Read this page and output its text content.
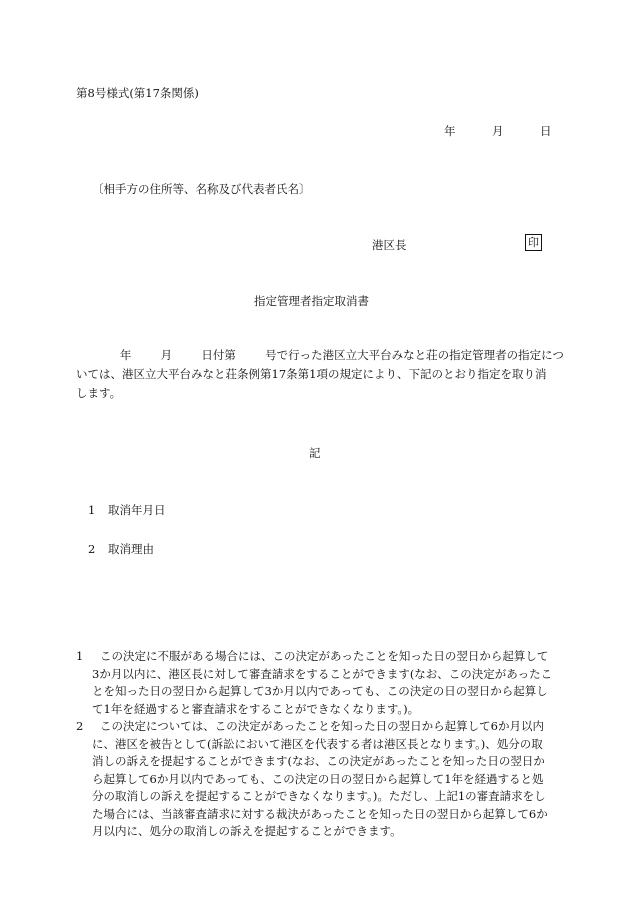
第8号様式(第17条関係)
年	月	日
〔相手方の住所等、名称及び代表者氏名〕
港区長	印
指定管理者指定取消書
年	月	日付第	号で行った港区立大平台みなと荘の指定管理者の指定につ
いては、港区立大平台みなと荘条例第17条第1項の規定により、下記のとおり指定を取り消
します。
記
1 取消年月日
2 取消理由
1	この決定に不服がある場合には、この決定があったことを知った日の翌日から起算して3か月以内に、港区長に対して審査請求をすることができます(なお、この決定があったことを知った日の翌日から起算して3か月以内であっても、この決定の日の翌日から起算して1年を経過すると審査請求をすることができなくなります。)。
2	この決定については、この決定があったことを知った日の翌日から起算して6か月以内に、港区を被告として(訴訟において港区を代表する者は港区長となります。)、処分の取消しの訴えを提起することができます(なお、この決定があったことを知った日の翌日から起算して6か月以内であっても、この決定の日の翌日から起算して1年を経過すると処分の取消しの訴えを提起することができなくなります。)。ただし、上記1の審査請求をした場合には、当該審査請求に対する裁決があったことを知った日の翌日から起算して6か月以内に、処分の取消しの訴えを提起することができます。
